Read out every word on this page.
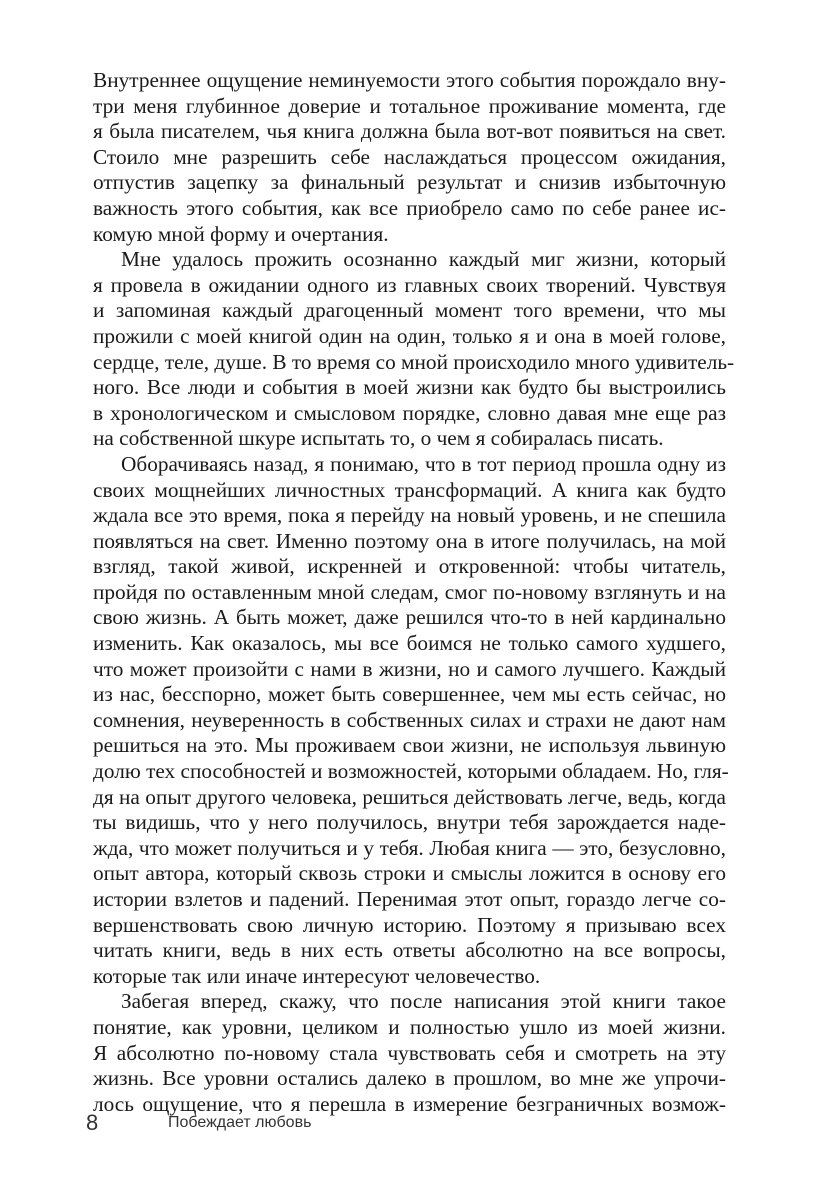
Внутреннее ощущение неминуемости этого события порождало вну-
три меня глубинное доверие и тотальное проживание момента, где
я была писателем, чья книга должна была вот-вот появиться на свет.
Стоило мне разрешить себе наслаждаться процессом ожидания,
отпустив зацепку за финальный результат и снизив избыточную
важность этого события, как все приобрело само по себе ранее ис-
комую мной форму и очертания.
Мне удалось прожить осознанно каждый миг жизни, который
я провела в ожидании одного из главных своих творений. Чувствуя
и запоминая каждый драгоценный момент того времени, что мы
прожили с моей книгой один на один, только я и она в моей голове,
сердце, теле, душе. В то время со мной происходило много удивитель-
ного. Все люди и события в моей жизни как будто бы выстроились
в хронологическом и смысловом порядке, словно давая мне еще раз
на собственной шкуре испытать то, о чем я собиралась писать.
Оборачиваясь назад, я понимаю, что в тот период прошла одну из
своих мощнейших личностных трансформаций. А книга как будто
ждала все это время, пока я перейду на новый уровень, и не спешила
появляться на свет. Именно поэтому она в итоге получилась, на мой
взгляд, такой живой, искренней и откровенной: чтобы читатель,
пройдя по оставленным мной следам, смог по-новому взглянуть и на
свою жизнь. А быть может, даже решился что-то в ней кардинально
изменить. Как оказалось, мы все боимся не только самого худшего,
что может произойти с нами в жизни, но и самого лучшего. Каждый
из нас, бесспорно, может быть совершеннее, чем мы есть сейчас, но
сомнения, неуверенность в собственных силах и страхи не дают нам
решиться на это. Мы проживаем свои жизни, не используя львиную
долю тех способностей и возможностей, которыми обладаем. Но, гля-
дя на опыт другого человека, решиться действовать легче, ведь, когда
ты видишь, что у него получилось, внутри тебя зарождается наде-
жда, что может получиться и у тебя. Любая книга — это, безусловно,
опыт автора, который сквозь строки и смыслы ложится в основу его
истории взлетов и падений. Перенимая этот опыт, гораздо легче со-
вершенствовать свою личную историю. Поэтому я призываю всех
читать книги, ведь в них есть ответы абсолютно на все вопросы,
которые так или иначе интересуют человечество.
Забегая вперед, скажу, что после написания этой книги такое
понятие, как уровни, целиком и полностью ушло из моей жизни.
Я абсолютно по-новому стала чувствовать себя и смотреть на эту
жизнь. Все уровни остались далеко в прошлом, во мне же упрочи-
лось ощущение, что я перешла в измерение безграничных возмож-
8	Побеждает любовь
